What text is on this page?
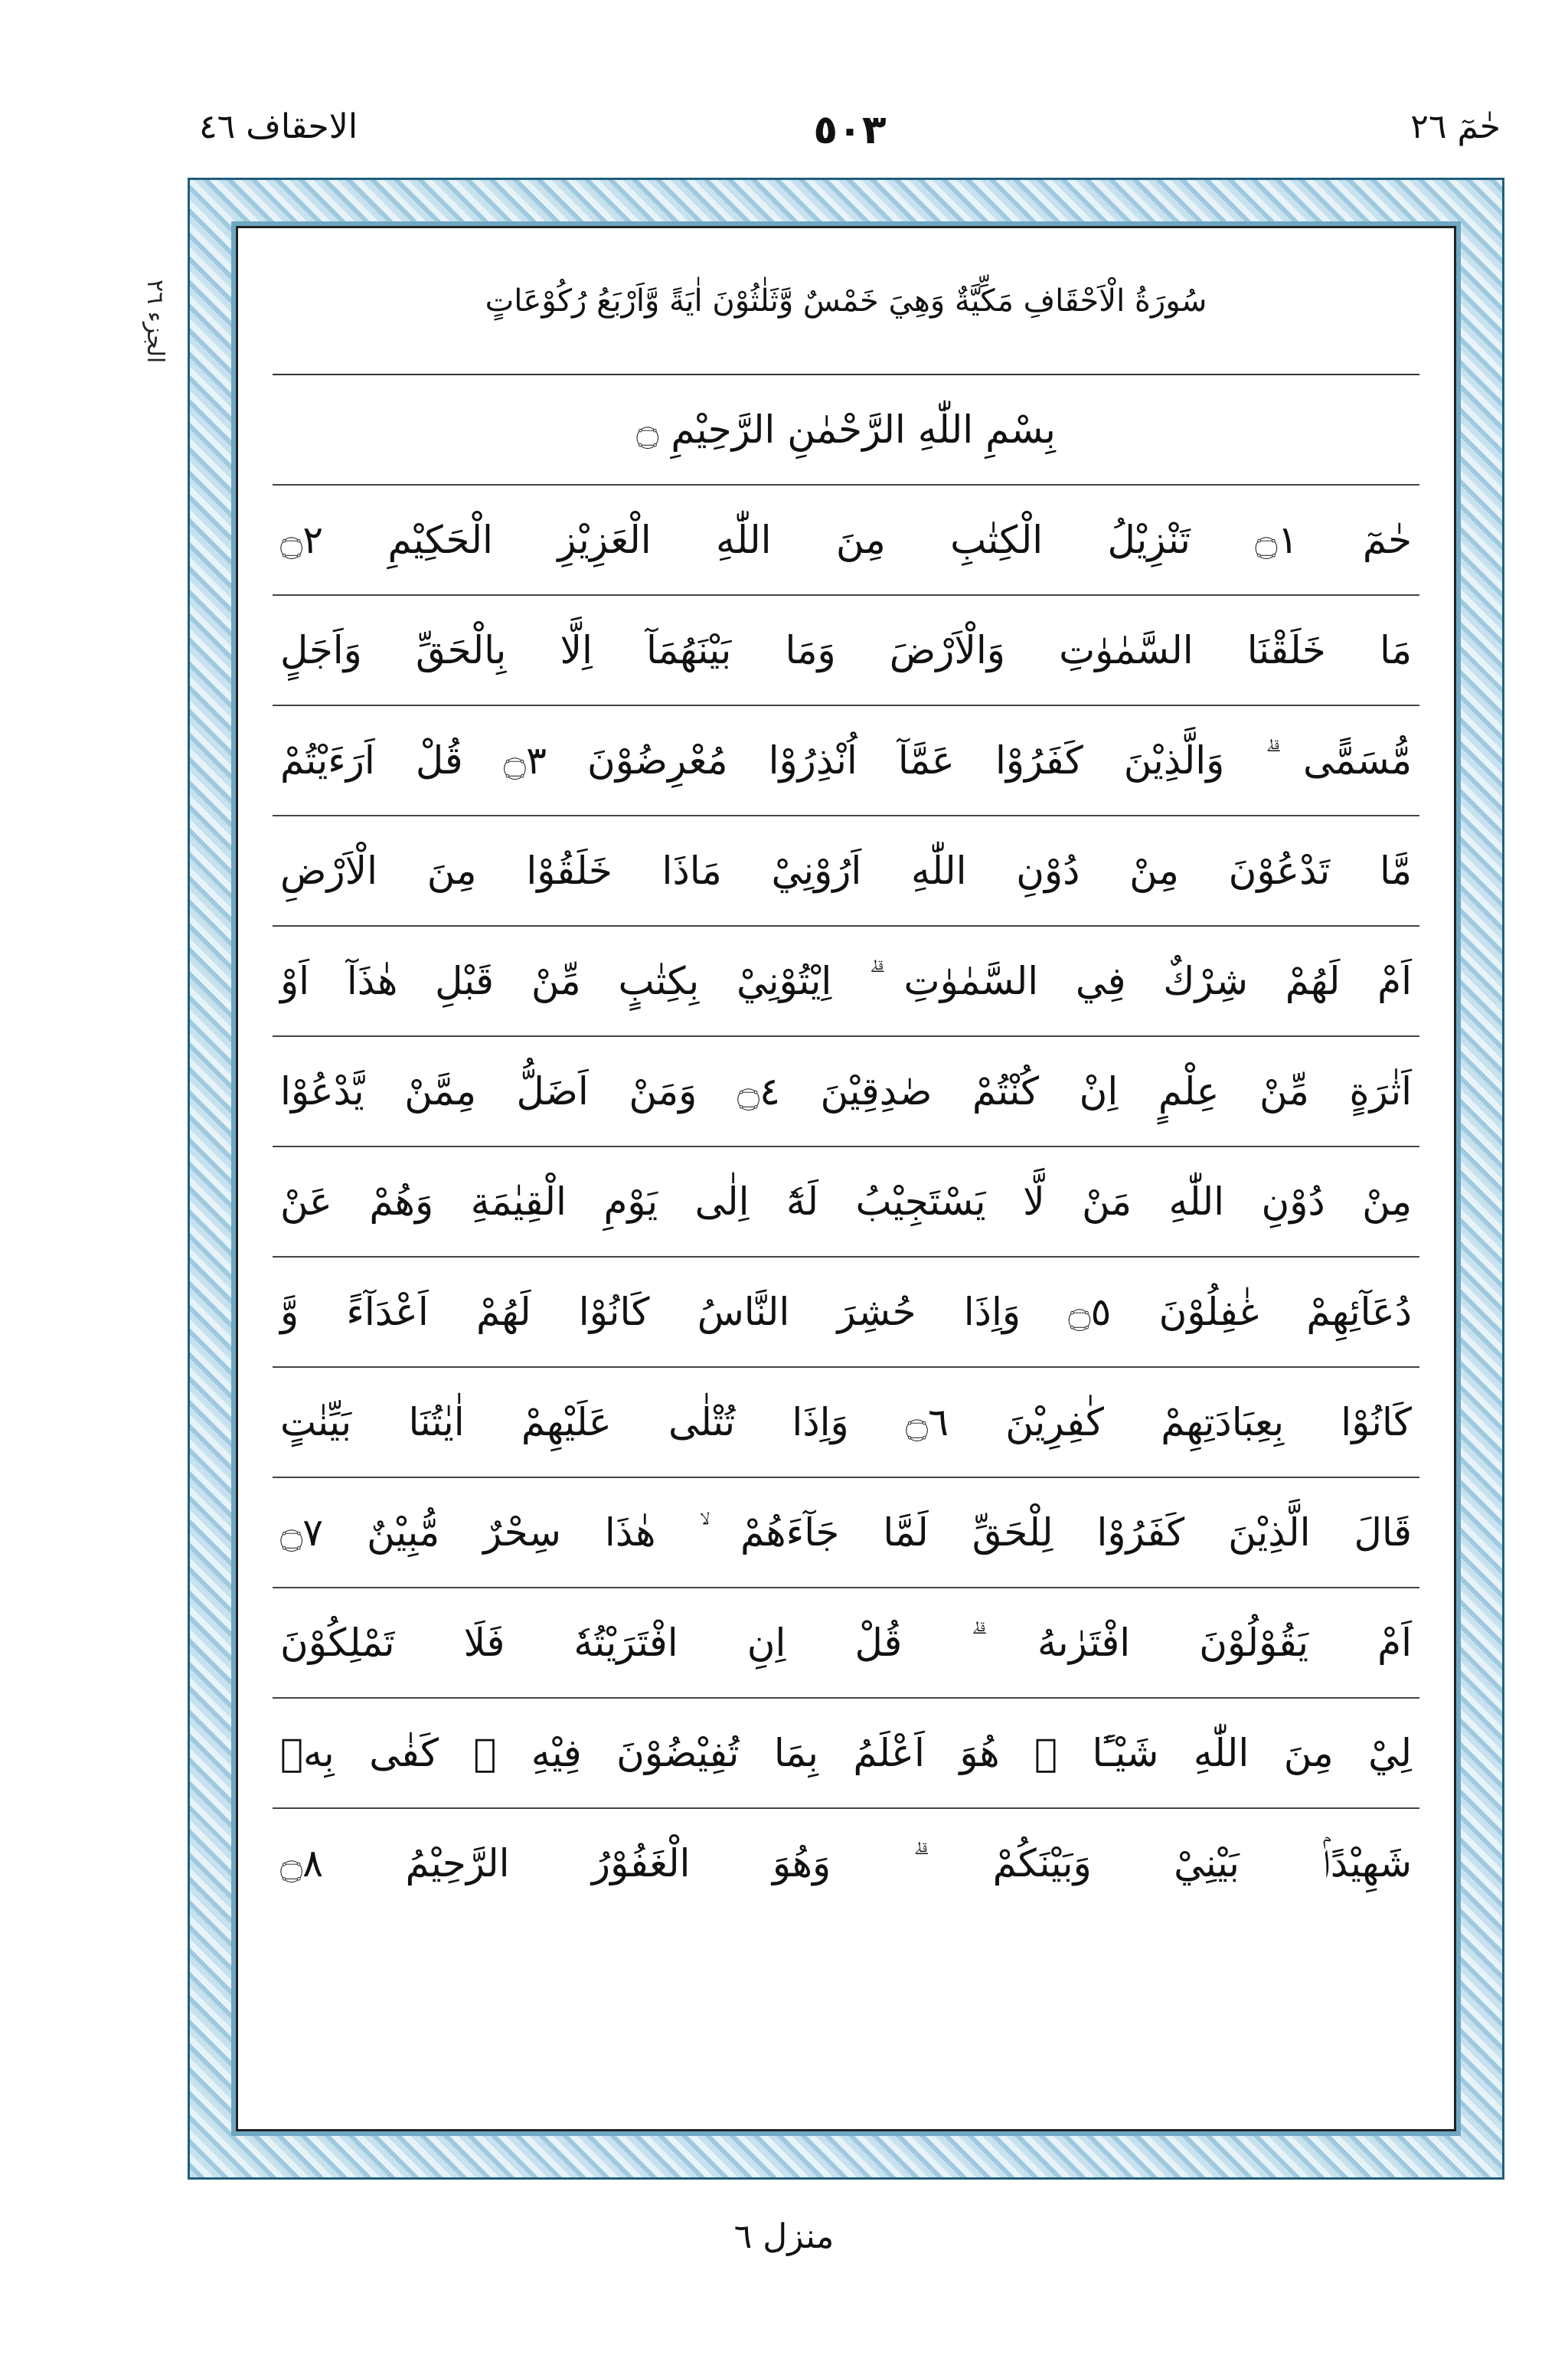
الاحقاف ٤٦	٥٠٣	حٰمٓ ٢٦
الجزء ٢٦
سُورَةُ الْاَحْقَافِ مَكِّيَّةٌ وَهِيَ خَمْسٌ وَّثَلٰثُوْنَ اٰيَةً وَّاَرْبَعُ رُكُوْعَاتٍ
بِسْمِ اللّٰهِ الرَّحْمٰنِ الرَّحِيْمِ ۝
حٰمٓ ۝١ تَنْزِيْلُ الْكِتٰبِ مِنَ اللّٰهِ الْعَزِيْزِ الْحَكِيْمِ ۝٢
مَا خَلَقْنَا السَّمٰوٰتِ وَالْاَرْضَ وَمَا بَيْنَهُمَآ اِلَّا بِالْحَقِّ وَاَجَلٍ
مُّسَمًّى ۗ وَالَّذِيْنَ كَفَرُوْا عَمَّآ اُنْذِرُوْا مُعْرِضُوْنَ ۝٣ قُلْ اَرَءَيْتُمْ
مَّا تَدْعُوْنَ مِنْ دُوْنِ اللّٰهِ اَرُوْنِيْ مَاذَا خَلَقُوْا مِنَ الْاَرْضِ
اَمْ لَهُمْ شِرْكٌ فِي السَّمٰوٰتِ ۗ اِيْتُوْنِيْ بِكِتٰبٍ مِّنْ قَبْلِ هٰذَآ اَوْ
اَثٰرَةٍ مِّنْ عِلْمٍ اِنْ كُنْتُمْ صٰدِقِيْنَ ۝٤ وَمَنْ اَضَلُّ مِمَّنْ يَّدْعُوْا
مِنْ دُوْنِ اللّٰهِ مَنْ لَّا يَسْتَجِيْبُ لَهٗٓ اِلٰى يَوْمِ الْقِيٰمَةِ وَهُمْ عَنْ
دُعَآئِهِمْ غٰفِلُوْنَ ۝٥ وَاِذَا حُشِرَ النَّاسُ كَانُوْا لَهُمْ اَعْدَآءً وَّ
كَانُوْا بِعِبَادَتِهِمْ كٰفِرِيْنَ ۝٦ وَاِذَا تُتْلٰى عَلَيْهِمْ اٰيٰتُنَا بَيِّنٰتٍ
قَالَ الَّذِيْنَ كَفَرُوْا لِلْحَقِّ لَمَّا جَآءَهُمْ ۙ هٰذَا سِحْرٌ مُّبِيْنٌ ۝٧
اَمْ يَقُوْلُوْنَ افْتَرٰىهُ ۗ قُلْ اِنِ افْتَرَيْتُهٗ فَلَا تَمْلِكُوْنَ
لِيْ مِنَ اللّٰهِ شَيْـًٔا ۗ هُوَ اَعْلَمُ بِمَا تُفِيْضُوْنَ فِيْهِ ۗ كَفٰى بِهٖ
شَهِيْدًاۢ بَيْنِيْ وَبَيْنَكُمْ ۗ وَهُوَ الْغَفُوْرُ الرَّحِيْمُ ۝٨
منزل ٦
